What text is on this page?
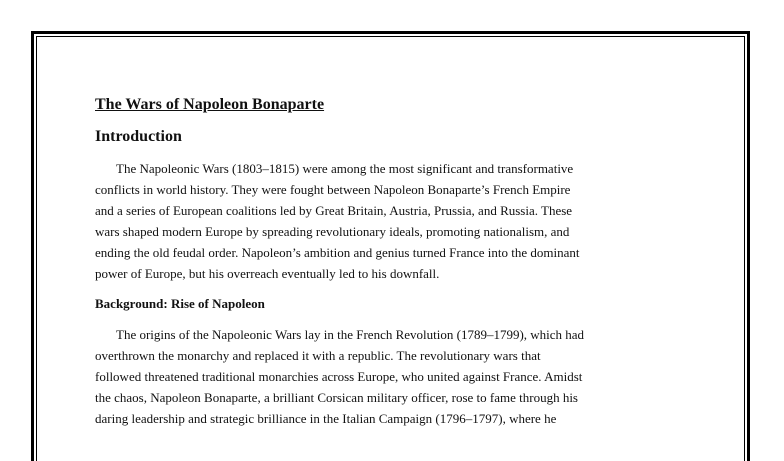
The Wars of Napoleon Bonaparte
Introduction

The Napoleonic Wars (1803–1815) were among the most significant and transformative
conflicts in world history. They were fought between Napoleon Bonaparte’s French Empire
and a series of European coalitions led by Great Britain, Austria, Prussia, and Russia. These
wars shaped modern Europe by spreading revolutionary ideals, promoting nationalism, and
ending the old feudal order. Napoleon’s ambition and genius turned France into the dominant
power of Europe, but his overreach eventually led to his downfall.

Background: Rise of Napoleon

The origins of the Napoleonic Wars lay in the French Revolution (1789–1799), which had
overthrown the monarchy and replaced it with a republic. The revolutionary wars that
followed threatened traditional monarchies across Europe, who united against France. Amidst
the chaos, Napoleon Bonaparte, a brilliant Corsican military officer, rose to fame through his
daring leadership and strategic brilliance in the Italian Campaign (1796–1797), where he
